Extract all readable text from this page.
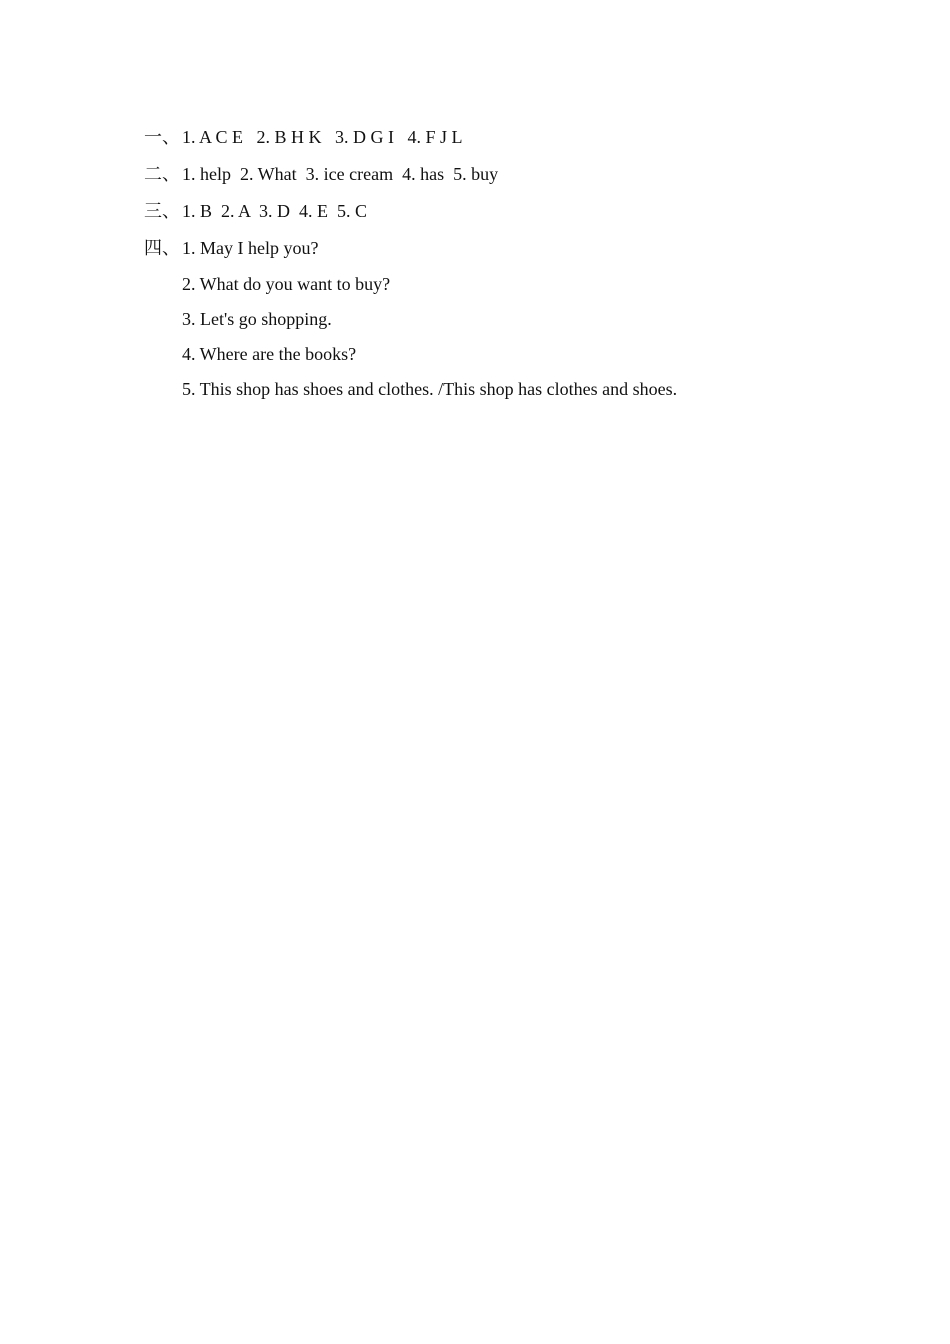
一、 1. A C E   2. B H K   3. D G I   4. F J L
二、 1. help  2. What  3. ice cream  4. has  5. buy
三、 1. B  2. A  3. D  4. E  5. C
四、 1. May I help you?
2. What do you want to buy?
3. Let's go shopping.
4. Where are the books?
5. This shop has shoes and clothes. /This shop has clothes and shoes.
